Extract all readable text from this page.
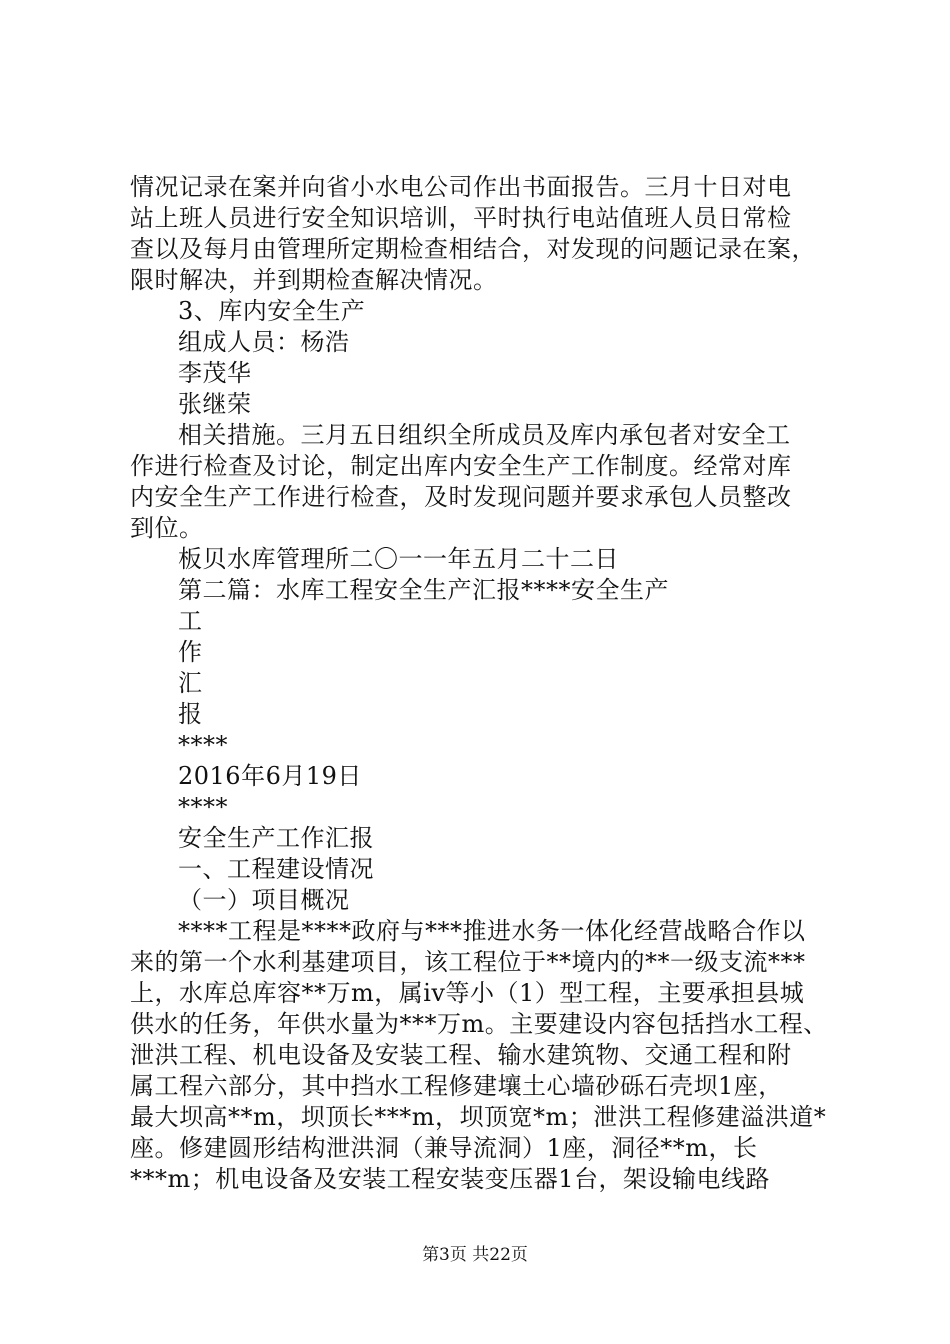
情况记录在案并向省小水电公司作出书面报告。三月十日对电
站上班人员进行安全知识培训，平时执行电站值班人员日常检
查以及每月由管理所定期检查相结合，对发现的问题记录在案，
限时解决，并到期检查解决情况。
3、库内安全生产
组成人员：杨浩
李茂华
张继荣
相关措施。三月五日组织全所成员及库内承包者对安全工
作进行检查及讨论，制定出库内安全生产工作制度。经常对库
内安全生产工作进行检查，及时发现问题并要求承包人员整改
到位。
板贝水库管理所二〇一一年五月二十二日
第二篇：水库工程安全生产汇报****安全生产
工
作
汇
报
****
2016年6月19日
****
安全生产工作汇报
一、工程建设情况
（一）项目概况
****工程是****政府与***推进水务一体化经营战略合作以
来的第一个水利基建项目，该工程位于**境内的**一级支流***
上，水库总库容**万m，属iv等小（1）型工程，主要承担县城
供水的任务，年供水量为***万m。主要建设内容包括挡水工程、
泄洪工程、机电设备及安装工程、输水建筑物、交通工程和附
属工程六部分，其中挡水工程修建壤土心墙砂砾石壳坝1座，
最大坝高**m，坝顶长***m，坝顶宽*m；泄洪工程修建溢洪道*
座。修建圆形结构泄洪洞（兼导流洞）1座，洞径**m，长
***m；机电设备及安装工程安装变压器1台，架设输电线路
第3页 共22页
